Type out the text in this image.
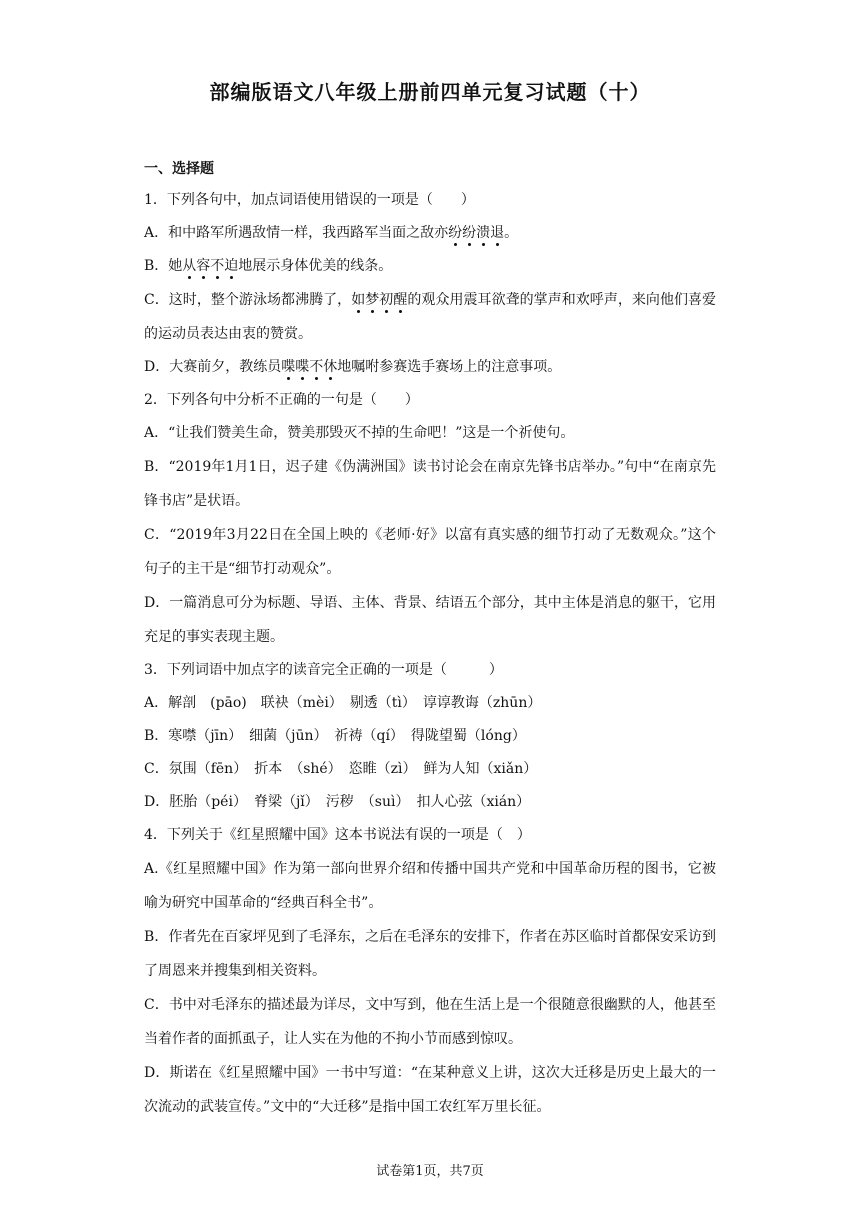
部编版语文八年级上册前四单元复习试题（十）
一、选择题

1．下列各句中，加点词语使用错误的一项是（　　）

A．和中路军所遇敌情一样，我西路军当面之敌亦纷纷溃退。

B．她从容不迫地展示身体优美的线条。

C．这时，整个游泳场都沸腾了，如梦初醒的观众用震耳欲聋的掌声和欢呼声，来向他们喜爱的运动员表达由衷的赞赏。

D．大赛前夕，教练员喋喋不休地嘱咐参赛选手赛场上的注意事项。

2．下列各句中分析不正确的一句是（　　）

A．“让我们赞美生命，赞美那毁灭不掉的生命吧！”这是一个祈使句。

B．“2019年1月1日，迟子建《伪满洲国》读书讨论会在南京先锋书店举办。”句中“在南京先锋书店”是状语。

C．“2019年3月22日在全国上映的《老师·好》以富有真实感的细节打动了无数观众。”这个句子的主干是“细节打动观众”。

D．一篇消息可分为标题、导语、主体、背景、结语五个部分，其中主体是消息的躯干，它用充足的事实表现主题。

3．下列词语中加点字的读音完全正确的一项是（　　　）

A．解剖　(pāo)　联袂（mèi）　剔透（tì）　谆谆教诲（zhūn）

B．寒噤（jīn）　细菌（jūn）　祈祷（qí）　得陇望蜀（lóng）

C．氛围（fēn）　折本　（shé）　恣睢（zì）　鲜为人知（xiǎn）

D．胚胎（péi）　脊梁（jǐ）　污秽　（suì）　扣人心弦（xián）

4．下列关于《红星照耀中国》这本书说法有误的一项是（　）

A.《红星照耀中国》作为第一部向世界介绍和传播中国共产党和中国革命历程的图书，它被喻为研究中国革命的“经典百科全书”。

B．作者先在百家坪见到了毛泽东，之后在毛泽东的安排下，作者在苏区临时首都保安采访到了周恩来并搜集到相关资料。

C．书中对毛泽东的描述最为详尽，文中写到，他在生活上是一个很随意很幽默的人，他甚至当着作者的面抓虱子，让人实在为他的不拘小节而感到惊叹。

D．斯诺在《红星照耀中国》一书中写道：“在某种意义上讲，这次大迁移是历史上最大的一次流动的武装宣传。”文中的“大迁移”是指中国工农红军万里长征。

试卷第1页，共7页
